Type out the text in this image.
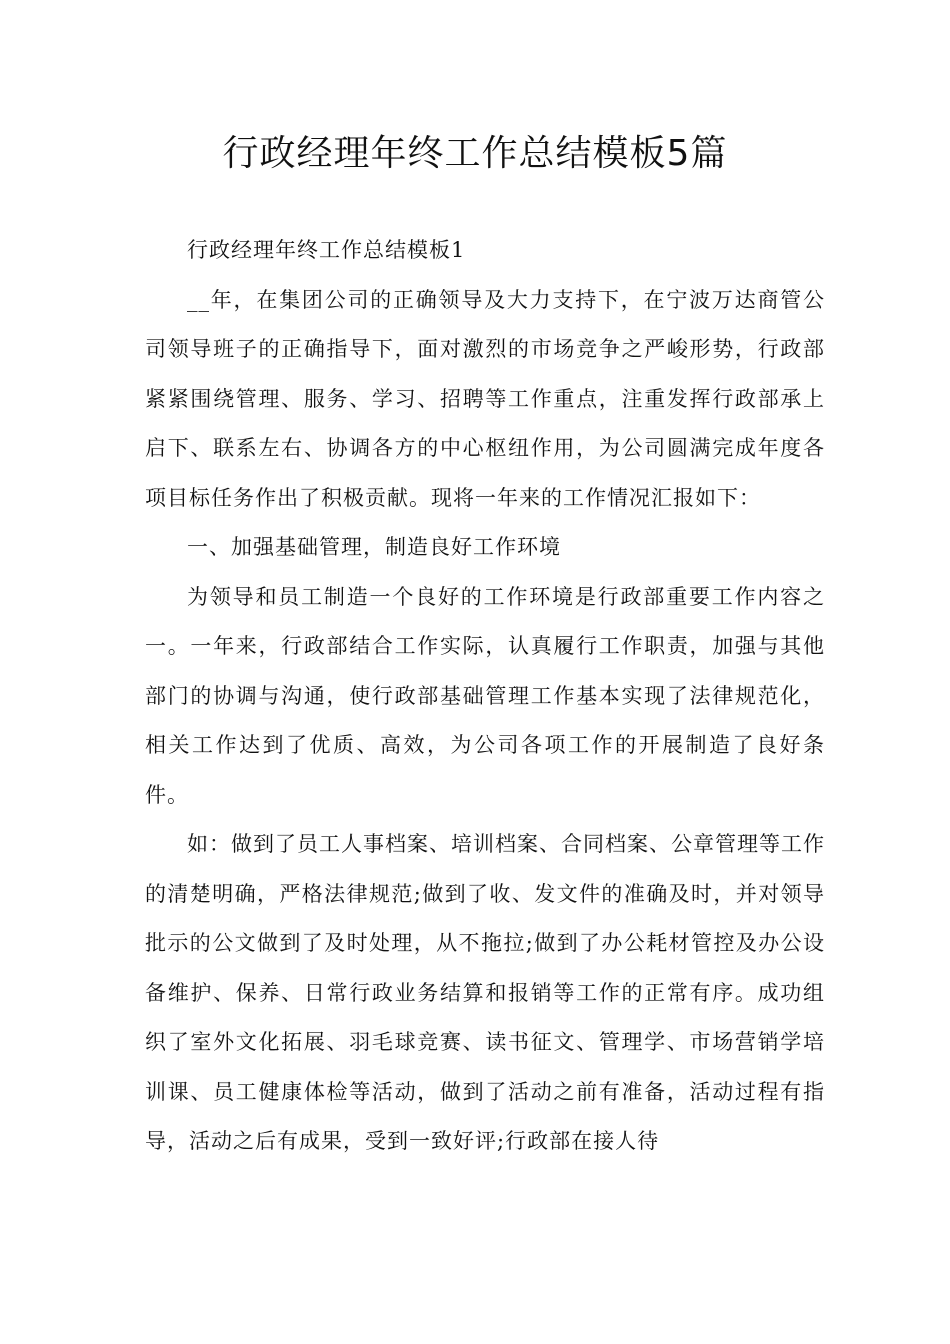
行政经理年终工作总结模板5篇

行政经理年终工作总结模板1

__年，在集团公司的正确领导及大力支持下，在宁波万达商管公司领导班子的正确指导下，面对激烈的市场竞争之严峻形势，行政部紧紧围绕管理、服务、学习、招聘等工作重点，注重发挥行政部承上启下、联系左右、协调各方的中心枢纽作用，为公司圆满完成年度各项目标任务作出了积极贡献。现将一年来的工作情况汇报如下：

一、加强基础管理，制造良好工作环境

为领导和员工制造一个良好的工作环境是行政部重要工作内容之一。一年来，行政部结合工作实际，认真履行工作职责，加强与其他部门的协调与沟通，使行政部基础管理工作基本实现了法律规范化，相关工作达到了优质、高效，为公司各项工作的开展制造了良好条件。

如：做到了员工人事档案、培训档案、合同档案、公章管理等工作的清楚明确，严格法律规范;做到了收、发文件的准确及时，并对领导批示的公文做到了及时处理，从不拖拉;做到了办公耗材管控及办公设备维护、保养、日常行政业务结算和报销等工作的正常有序。成功组织了室外文化拓展、羽毛球竞赛、读书征文、管理学、市场营销学培训课、员工健康体检等活动，做到了活动之前有准备，活动过程有指导，活动之后有成果，受到一致好评;行政部在接人待
